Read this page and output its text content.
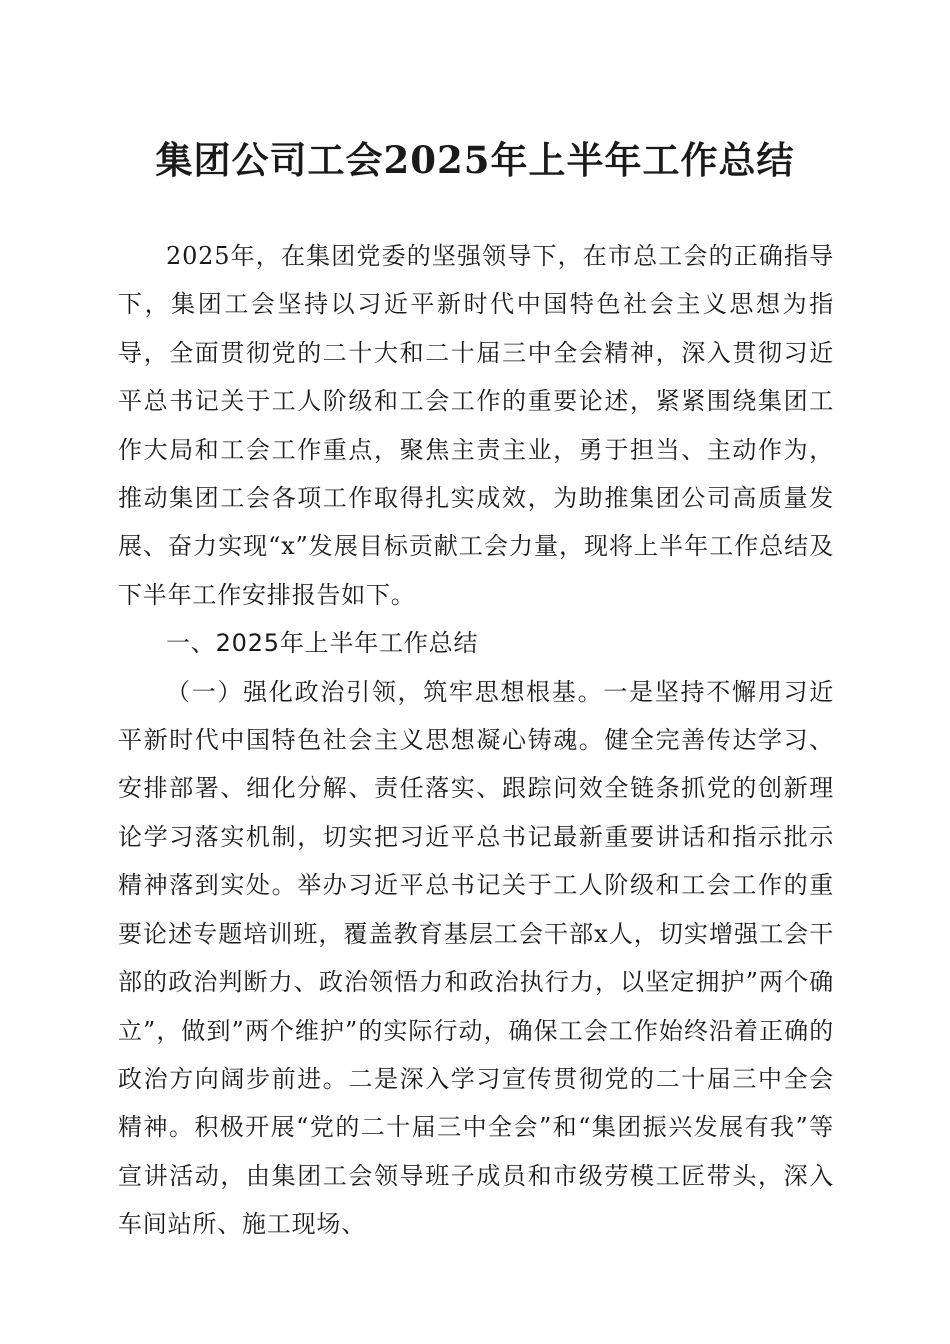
集团公司工会2025年上半年工作总结

2025年，在集团党委的坚强领导下，在市总工会的正确指导下，集团工会坚持以习近平新时代中国特色社会主义思想为指导，全面贯彻党的二十大和二十届三中全会精神，深入贯彻习近平总书记关于工人阶级和工会工作的重要论述，紧紧围绕集团工作大局和工会工作重点，聚焦主责主业，勇于担当、主动作为，推动集团工会各项工作取得扎实成效，为助推集团公司高质量发展、奋力实现“x”发展目标贡献工会力量，现将上半年工作总结及下半年工作安排报告如下。

一、2025年上半年工作总结

（一）强化政治引领，筑牢思想根基。一是坚持不懈用习近平新时代中国特色社会主义思想凝心铸魂。健全完善传达学习、安排部署、细化分解、责任落实、跟踪问效全链条抓党的创新理论学习落实机制，切实把习近平总书记最新重要讲话和指示批示精神落到实处。举办习近平总书记关于工人阶级和工会工作的重要论述专题培训班，覆盖教育基层工会干部x人，切实增强工会干部的政治判断力、政治领悟力和政治执行力，以坚定拥护”两个确立”，做到”两个维护”的实际行动，确保工会工作始终沿着正确的政治方向阔步前进。二是深入学习宣传贯彻党的二十届三中全会精神。积极开展“党的二十届三中全会”和“集团振兴发展有我”等宣讲活动，由集团工会领导班子成员和市级劳模工匠带头，深入车间站所、施工现场、
